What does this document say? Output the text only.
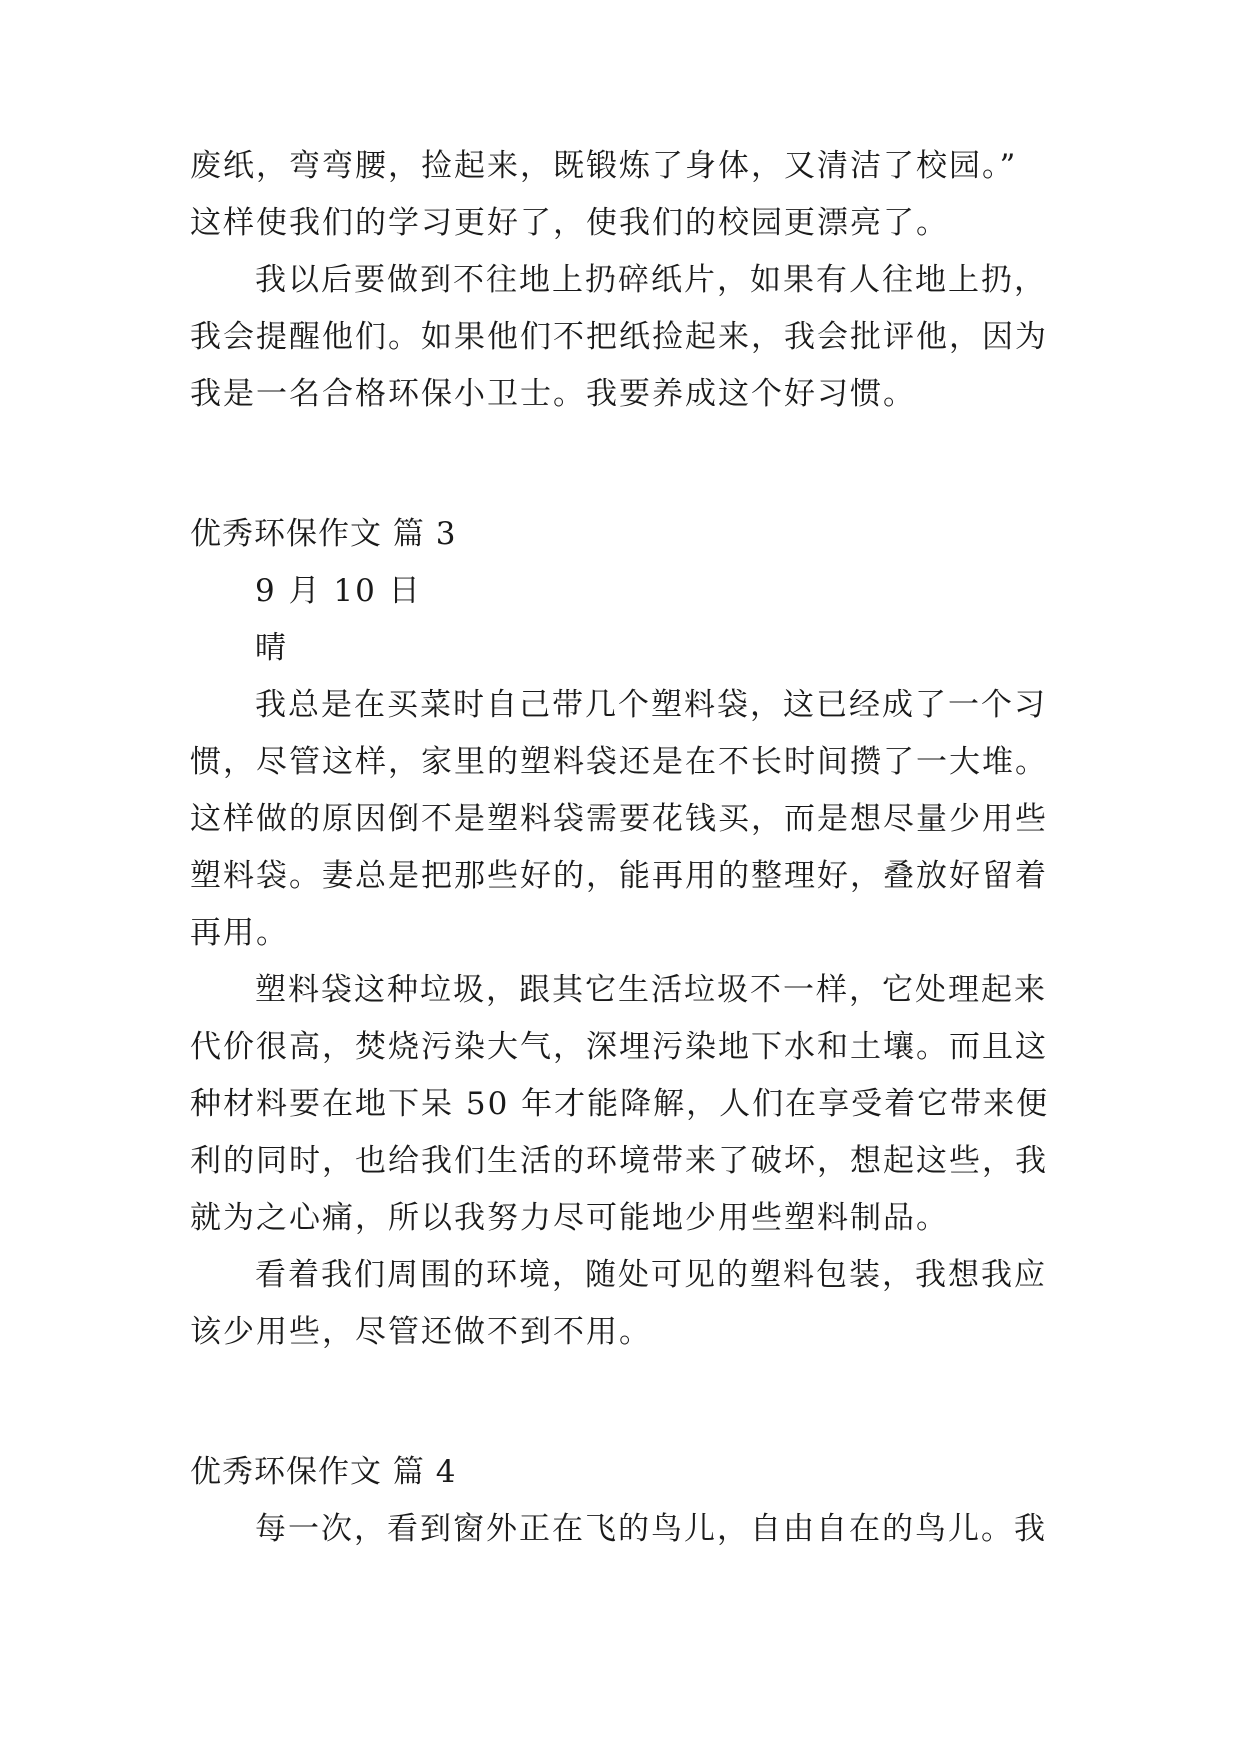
废纸，弯弯腰，捡起来，既锻炼了身体，又清洁了校园。”
这样使我们的学习更好了，使我们的校园更漂亮了。
我以后要做到不往地上扔碎纸片，如果有人往地上扔，
我会提醒他们。如果他们不把纸捡起来，我会批评他，因为
我是一名合格环保小卫士。我要养成这个好习惯。
优秀环保作文 篇 3
9 月 10 日
晴
我总是在买菜时自己带几个塑料袋，这已经成了一个习
惯，尽管这样，家里的塑料袋还是在不长时间攒了一大堆。
这样做的原因倒不是塑料袋需要花钱买，而是想尽量少用些
塑料袋。妻总是把那些好的，能再用的整理好，叠放好留着
再用。
塑料袋这种垃圾，跟其它生活垃圾不一样，它处理起来
代价很高，焚烧污染大气，深埋污染地下水和土壤。而且这
种材料要在地下呆 50 年才能降解，人们在享受着它带来便
利的同时，也给我们生活的环境带来了破坏，想起这些，我
就为之心痛，所以我努力尽可能地少用些塑料制品。
看着我们周围的环境，随处可见的塑料包装，我想我应
该少用些，尽管还做不到不用。
优秀环保作文 篇 4
每一次，看到窗外正在飞的鸟儿，自由自在的鸟儿。我
